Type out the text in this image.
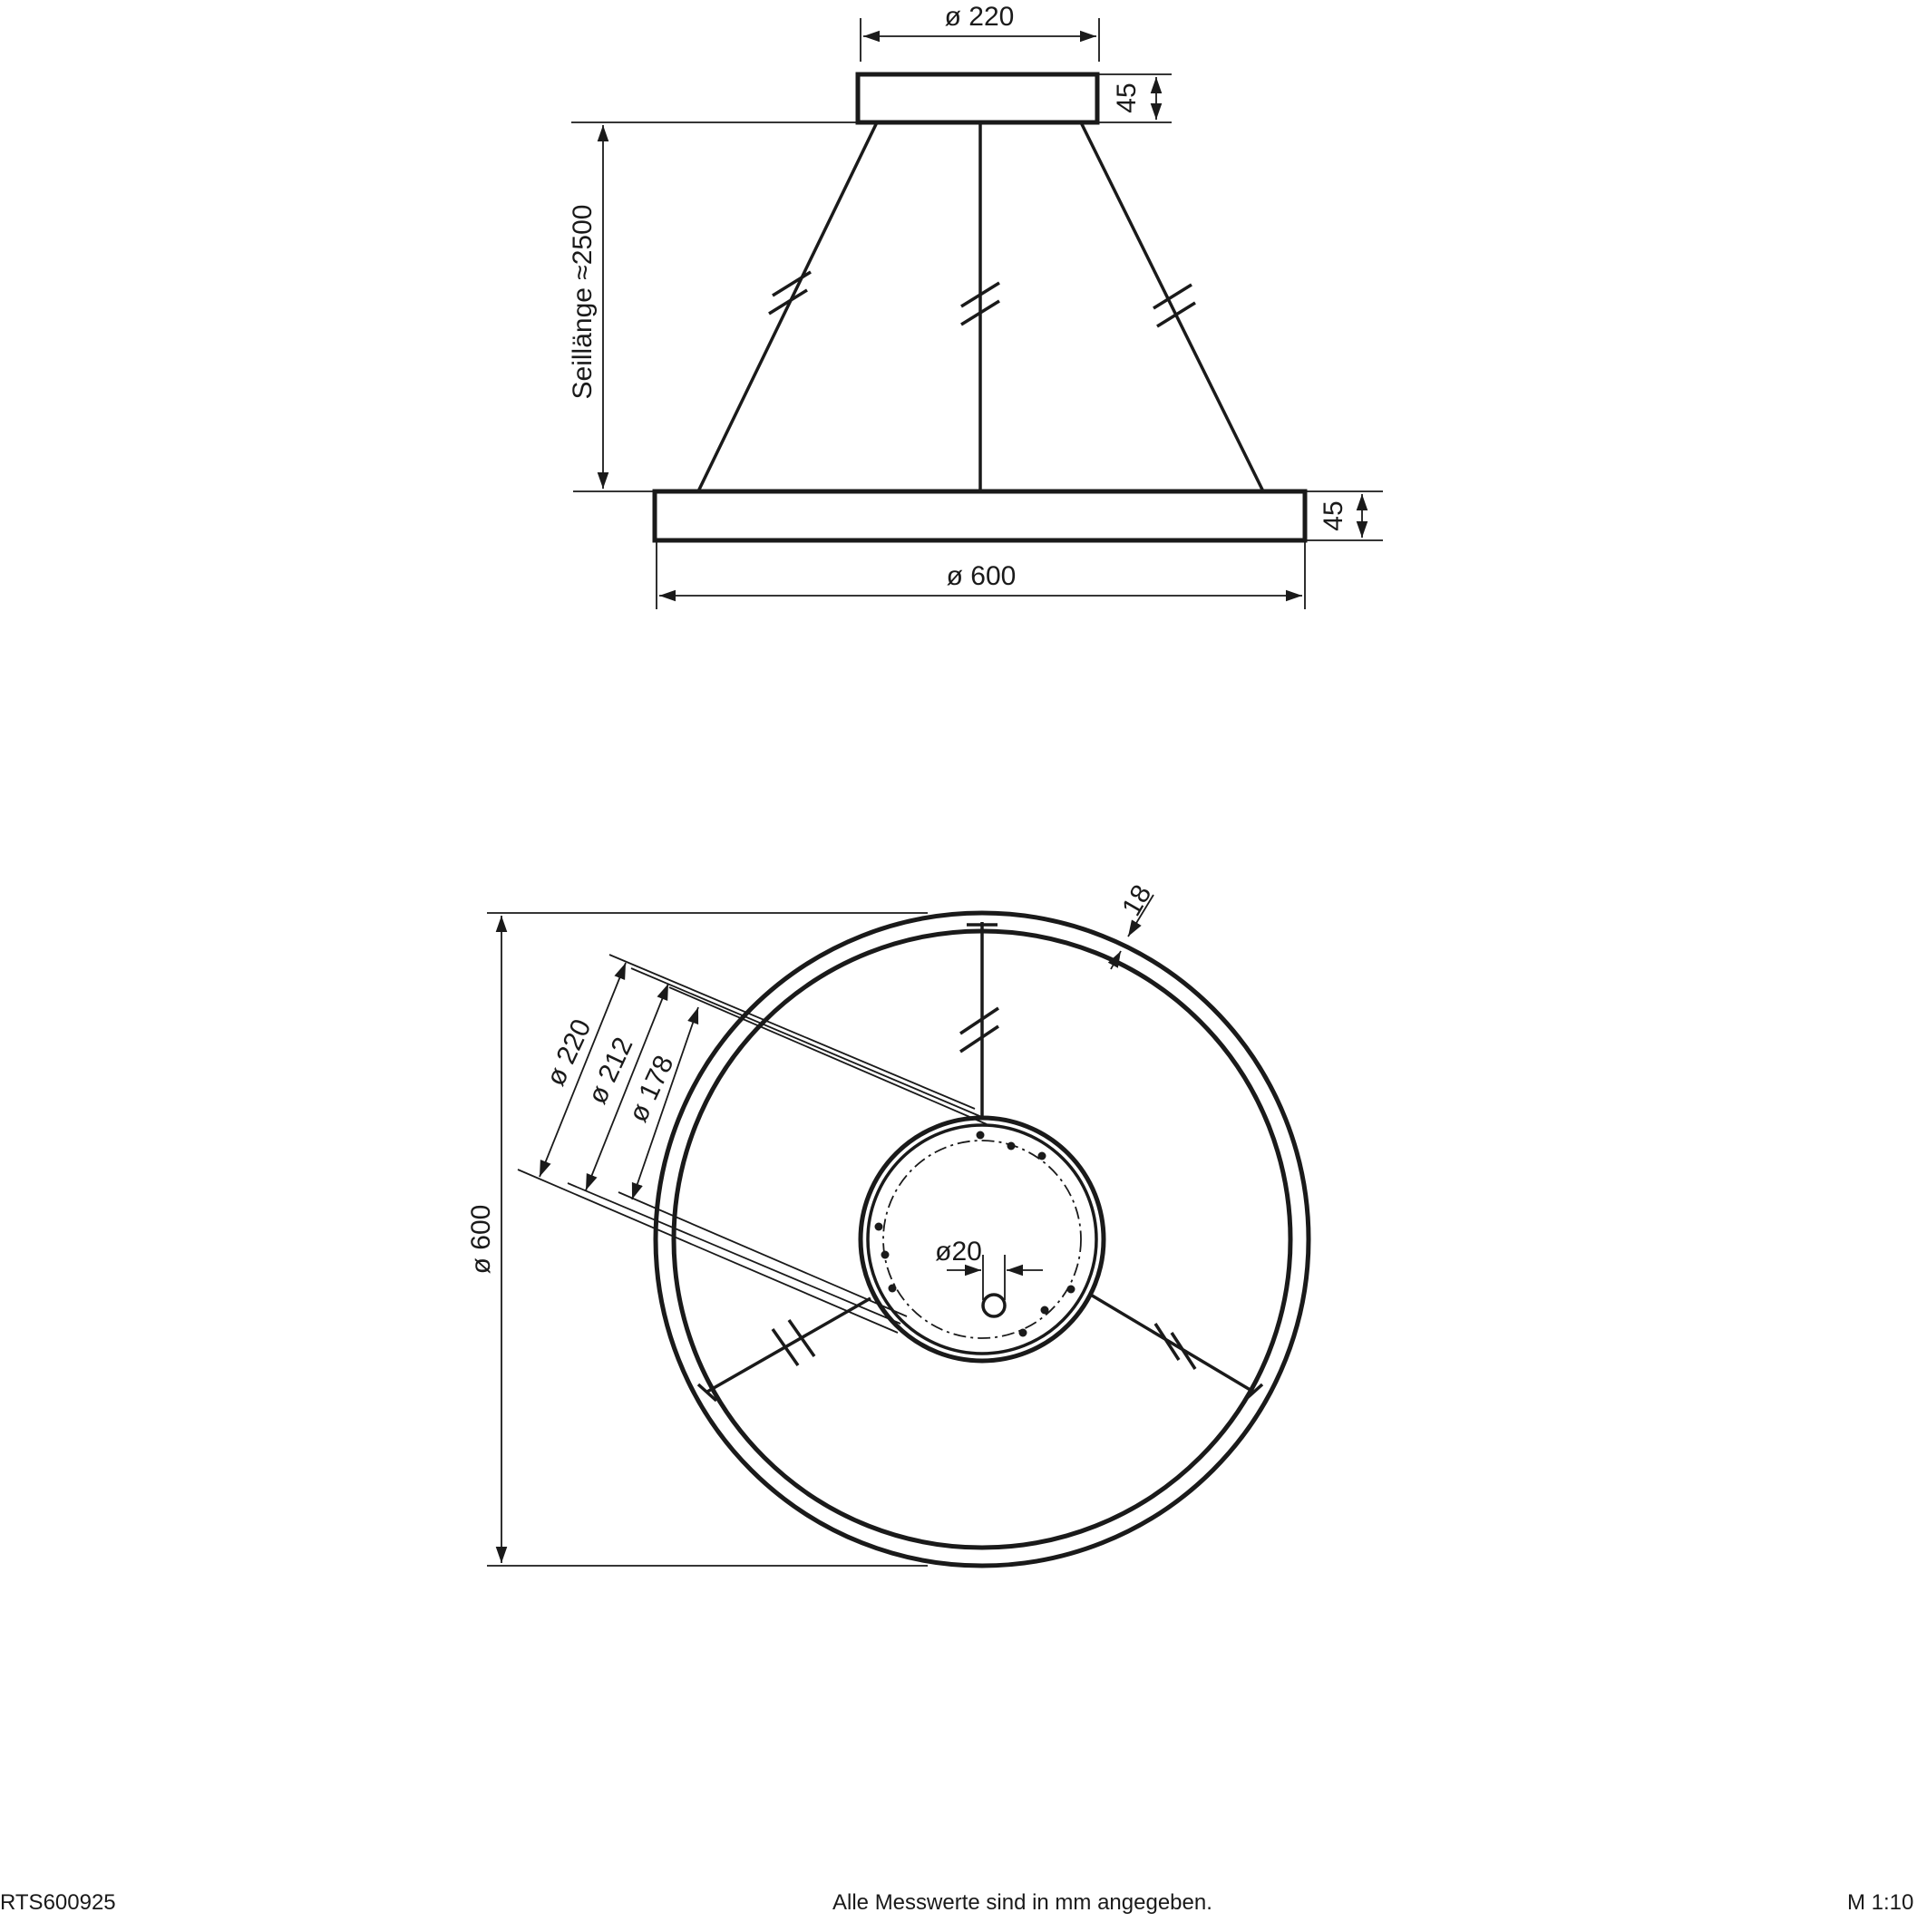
ø 220
45
Seillänge ≈2500
45
ø 600
18
ø 600
ø 220
ø 212
ø 178
ø20
RTS600925	Alle Messwerte sind in mm angegeben.	M 1:10
